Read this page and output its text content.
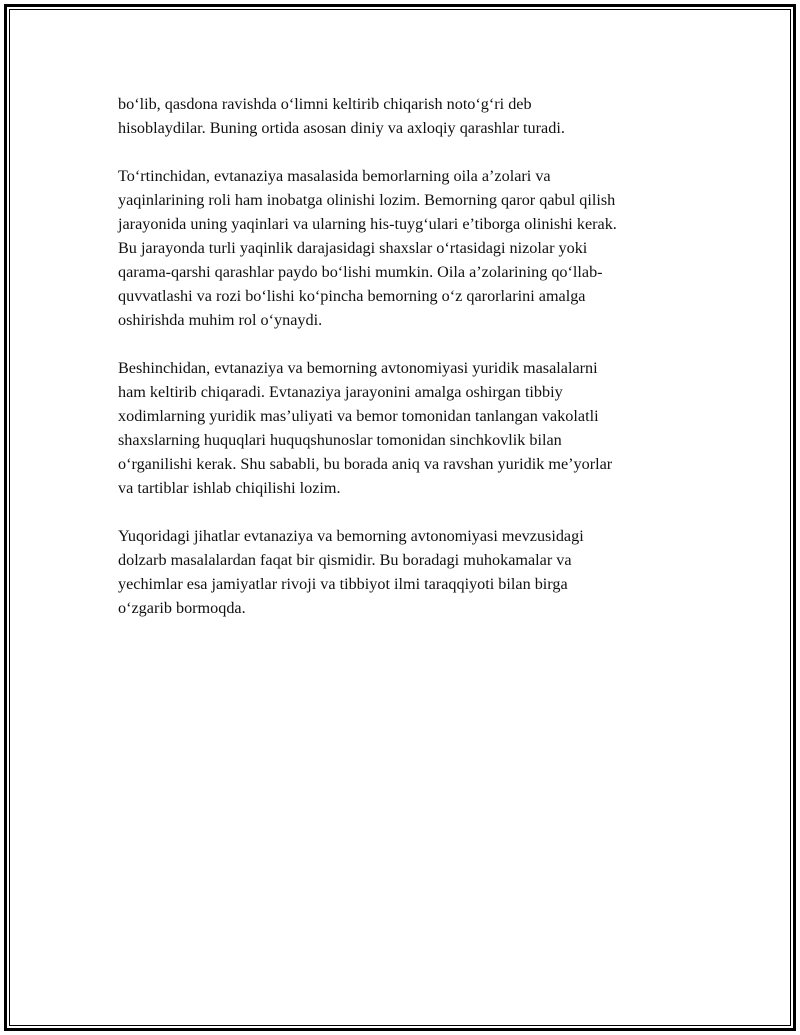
bo‘lib, qasdona ravishda o‘limni keltirib chiqarish noto‘g‘ri deb
hisoblaydilar. Buning ortida asosan diniy va axloqiy qarashlar turadi.

To‘rtinchidan, evtanaziya masalasida bemorlarning oila a’zolari va
yaqinlarining roli ham inobatga olinishi lozim. Bemorning qaror qabul qilish
jarayonida uning yaqinlari va ularning his-tuyg‘ulari e’tiborga olinishi kerak.
Bu jarayonda turli yaqinlik darajasidagi shaxslar o‘rtasidagi nizolar yoki
qarama-qarshi qarashlar paydo bo‘lishi mumkin. Oila a’zolarining qo‘llab-
quvvatlashi va rozi bo‘lishi ko‘pincha bemorning o‘z qarorlarini amalga
oshirishda muhim rol o‘ynaydi.

Beshinchidan, evtanaziya va bemorning avtonomiyasi yuridik masalalarni
ham keltirib chiqaradi. Evtanaziya jarayonini amalga oshirgan tibbiy
xodimlarning yuridik mas’uliyati va bemor tomonidan tanlangan vakolatli
shaxslarning huquqlari huquqshunoslar tomonidan sinchkovlik bilan
o‘rganilishi kerak. Shu sababli, bu borada aniq va ravshan yuridik me’yorlar
va tartiblar ishlab chiqilishi lozim.

Yuqoridagi jihatlar evtanaziya va bemorning avtonomiyasi mevzusidagi
dolzarb masalalardan faqat bir qismidir. Bu boradagi muhokamalar va
yechimlar esa jamiyatlar rivoji va tibbiyot ilmi taraqqiyoti bilan birga
o‘zgarib bormoqda.
